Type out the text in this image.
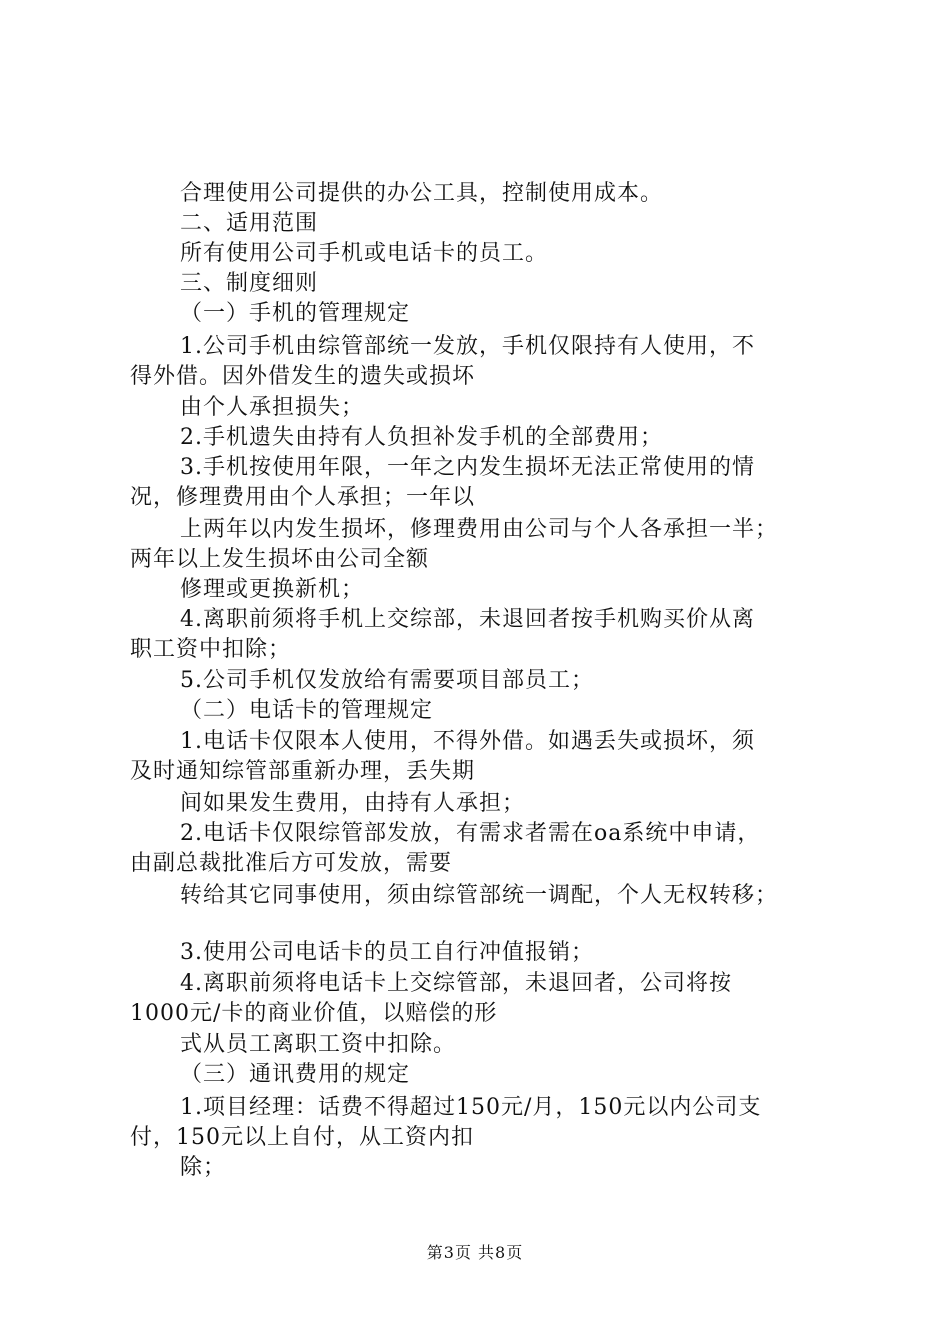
合理使用公司提供的办公工具，控制使用成本。
二、适用范围
所有使用公司手机或电话卡的员工。
三、制度细则
（一）手机的管理规定
1.公司手机由综管部统一发放，手机仅限持有人使用，不
得外借。因外借发生的遗失或损坏
由个人承担损失；
2.手机遗失由持有人负担补发手机的全部费用；
3.手机按使用年限，一年之内发生损坏无法正常使用的情
况，修理费用由个人承担；一年以
上两年以内发生损坏，修理费用由公司与个人各承担一半；
两年以上发生损坏由公司全额
修理或更换新机；
4.离职前须将手机上交综部，未退回者按手机购买价从离
职工资中扣除；
5.公司手机仅发放给有需要项目部员工；
（二）电话卡的管理规定
1.电话卡仅限本人使用，不得外借。如遇丢失或损坏，须
及时通知综管部重新办理，丢失期
间如果发生费用，由持有人承担；
2.电话卡仅限综管部发放，有需求者需在oa系统中申请，
由副总裁批准后方可发放，需要
转给其它同事使用，须由综管部统一调配，个人无权转移；
3.使用公司电话卡的员工自行冲值报销；
4.离职前须将电话卡上交综管部，未退回者，公司将按
1000元/卡的商业价值，以赔偿的形
式从员工离职工资中扣除。
（三）通讯费用的规定
1.项目经理：话费不得超过150元/月，150元以内公司支
付，150元以上自付，从工资内扣
除；
第3页 共8页
